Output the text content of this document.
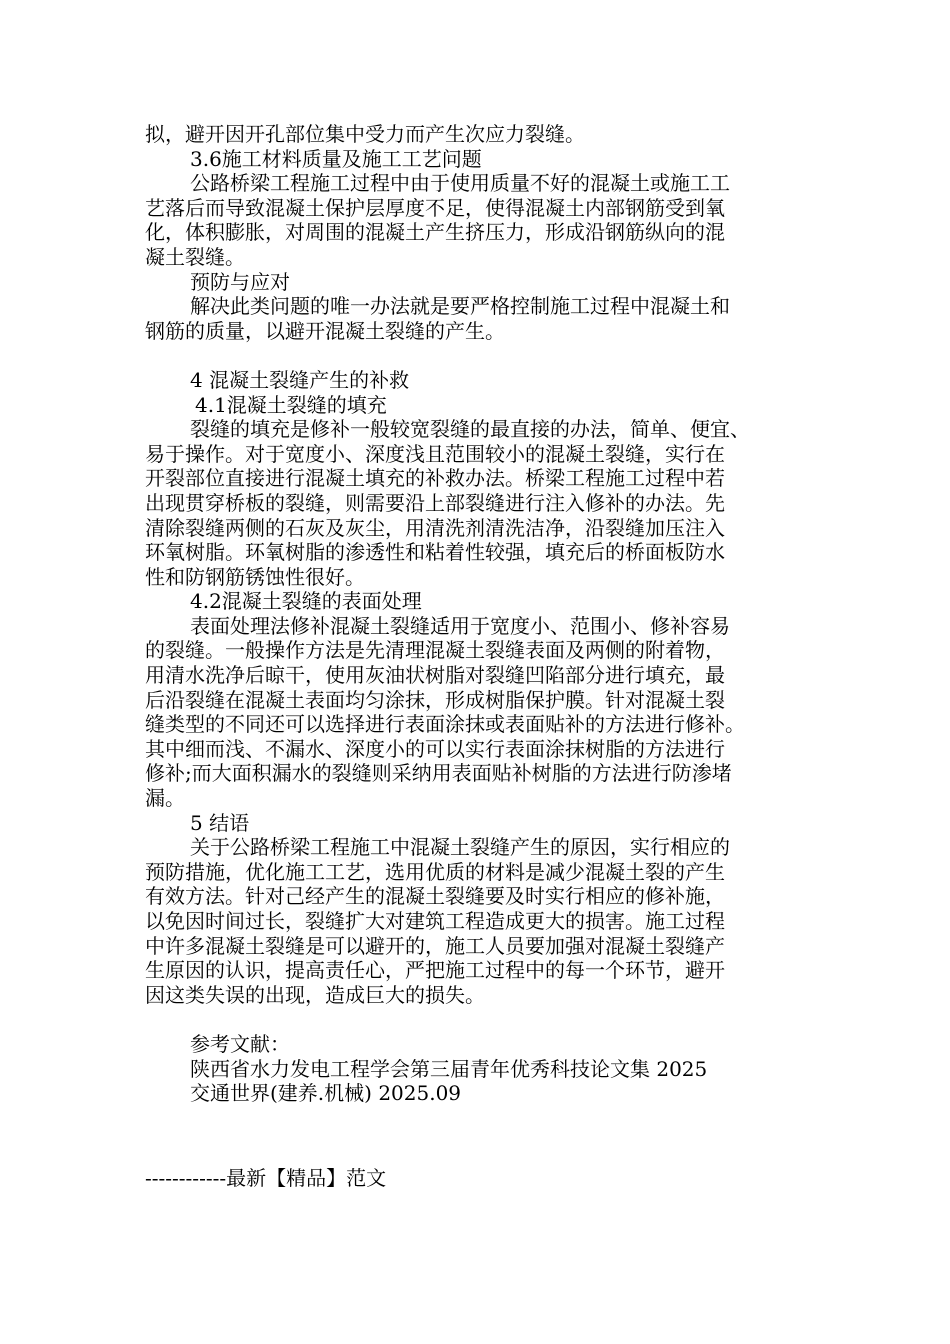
拟，避开因开孔部位集中受力而产生次应力裂缝。
3.6施工材料质量及施工工艺问题
公路桥梁工程施工过程中由于使用质量不好的混凝土或施工工
艺落后而导致混凝土保护层厚度不足，使得混凝土内部钢筋受到氧
化，体积膨胀，对周围的混凝土产生挤压力，形成沿钢筋纵向的混
凝土裂缝。
预防与应对
解决此类问题的唯一办法就是要严格控制施工过程中混凝土和
钢筋的质量，以避开混凝土裂缝的产生。
4 混凝土裂缝产生的补救
4.1混凝土裂缝的填充
裂缝的填充是修补一般较宽裂缝的最直接的办法，简单、便宜、
易于操作。对于宽度小、深度浅且范围较小的混凝土裂缝，实行在
开裂部位直接进行混凝土填充的补救办法。桥梁工程施工过程中若
出现贯穿桥板的裂缝，则需要沿上部裂缝进行注入修补的办法。先
清除裂缝两侧的石灰及灰尘，用清洗剂清洗洁净，沿裂缝加压注入
环氧树脂。环氧树脂的渗透性和粘着性较强，填充后的桥面板防水
性和防钢筋锈蚀性很好。
4.2混凝土裂缝的表面处理
表面处理法修补混凝土裂缝适用于宽度小、范围小、修补容易
的裂缝。一般操作方法是先清理混凝土裂缝表面及两侧的附着物，
用清水洗净后晾干，使用灰油状树脂对裂缝凹陷部分进行填充，最
后沿裂缝在混凝土表面均匀涂抹，形成树脂保护膜。针对混凝土裂
缝类型的不同还可以选择进行表面涂抹或表面贴补的方法进行修补。
其中细而浅、不漏水、深度小的可以实行表面涂抹树脂的方法进行
修补;而大面积漏水的裂缝则采纳用表面贴补树脂的方法进行防渗堵
漏。
5 结语
关于公路桥梁工程施工中混凝土裂缝产生的原因，实行相应的
预防措施，优化施工工艺，选用优质的材料是减少混凝土裂的产生
有效方法。针对己经产生的混凝土裂缝要及时实行相应的修补施，
以免因时间过长，裂缝扩大对建筑工程造成更大的损害。施工过程
中许多混凝土裂缝是可以避开的，施工人员要加强对混凝土裂缝产
生原因的认识，提高责任心，严把施工过程中的每一个环节，避开
因这类失误的出现，造成巨大的损失。
参考文献：
陕西省水力发电工程学会第三届青年优秀科技论文集 2025
交通世界(建养.机械) 2025.09
------------最新【精品】范文
